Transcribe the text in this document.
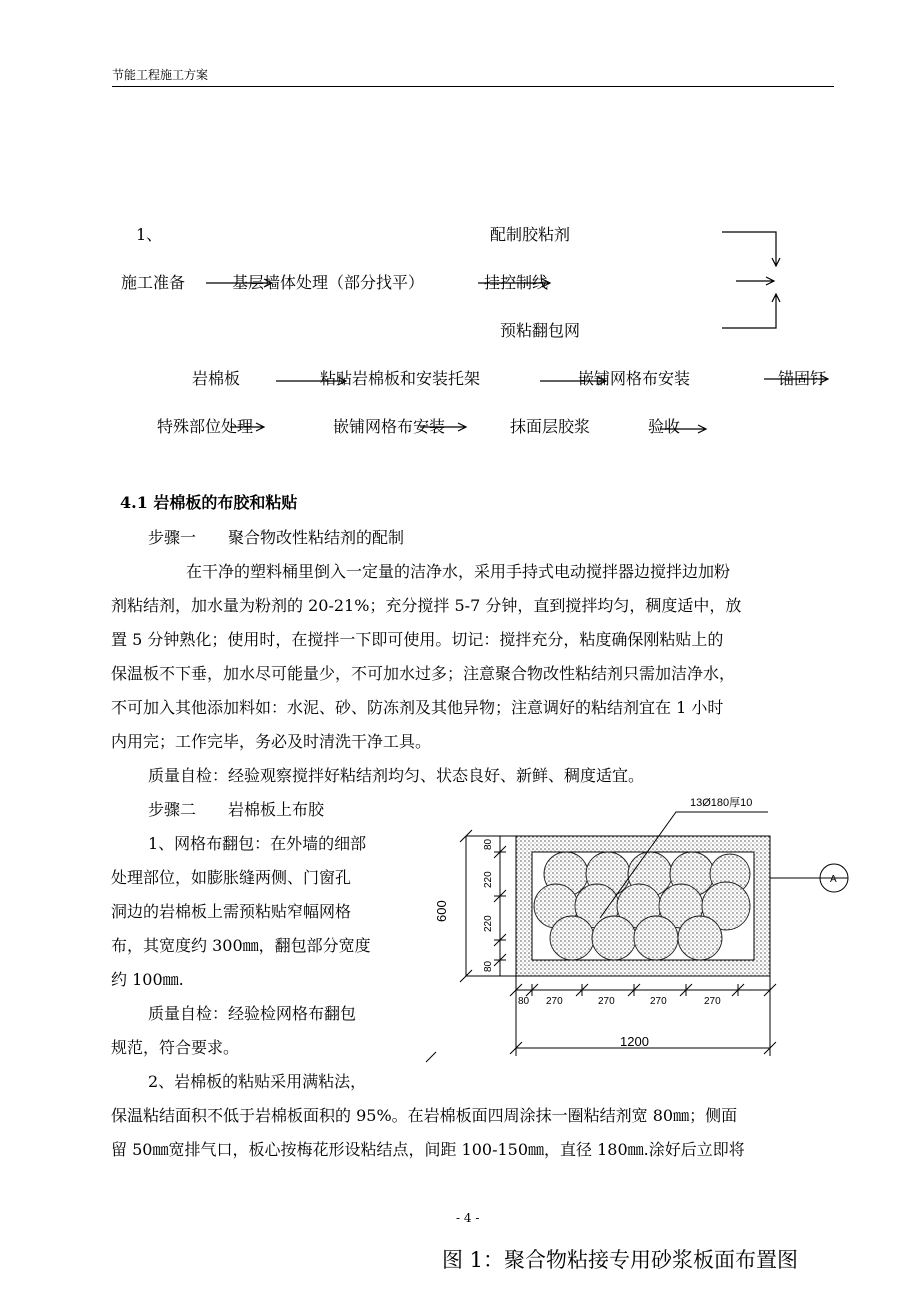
节能工程施工方案
1、	配制胶粘剂
施工准备	基层墙体处理（部分找平）	挂控制线
预粘翻包网
岩棉板	粘贴岩棉板和安装托架	嵌铺网格布安装	锚固钉
特殊部位处理	嵌铺网格布安装	抹面层胶浆	验收
4.1 岩棉板的布胶和粘贴
步骤一　　聚合物改性粘结剂的配制
在干净的塑料桶里倒入一定量的洁净水，采用手持式电动搅拌器边搅拌边加粉
剂粘结剂，加水量为粉剂的 20-21%；充分搅拌 5-7 分钟，直到搅拌均匀，稠度适中，放
置 5 分钟熟化；使用时，在搅拌一下即可使用。切记：搅拌充分，粘度确保刚粘贴上的
保温板不下垂，加水尽可能量少，不可加水过多；注意聚合物改性粘结剂只需加洁净水，
不可加入其他添加料如：水泥、砂、防冻剂及其他异物；注意调好的粘结剂宜在 1 小时
内用完；工作完毕，务必及时清洗干净工具。
质量自检：经验观察搅拌好粘结剂均匀、状态良好、新鲜、稠度适宜。
步骤二　　岩棉板上布胶
1、网格布翻包：在外墙的细部
处理部位，如膨胀缝两侧、门窗孔
洞边的岩棉板上需预粘贴窄幅网格
布，其宽度约 300㎜，翻包部分宽度
约 100㎜.
质量自检：经验检网格布翻包
规范，符合要求。
2、岩棉板的粘贴采用满粘法，
保温粘结面积不低于岩棉板面积的 95%。在岩棉板面四周涂抹一圈粘结剂宽 80㎜；侧面
留 50㎜宽排气口，板心按梅花形设粘结点，间距 100-150㎜，直径 180㎜.涂好后立即将
13Ø180厚10
A
600
80
220
220
80
80 270	270	270	270
1200
- 4 -
图 1：聚合物粘接专用砂浆板面布置图
